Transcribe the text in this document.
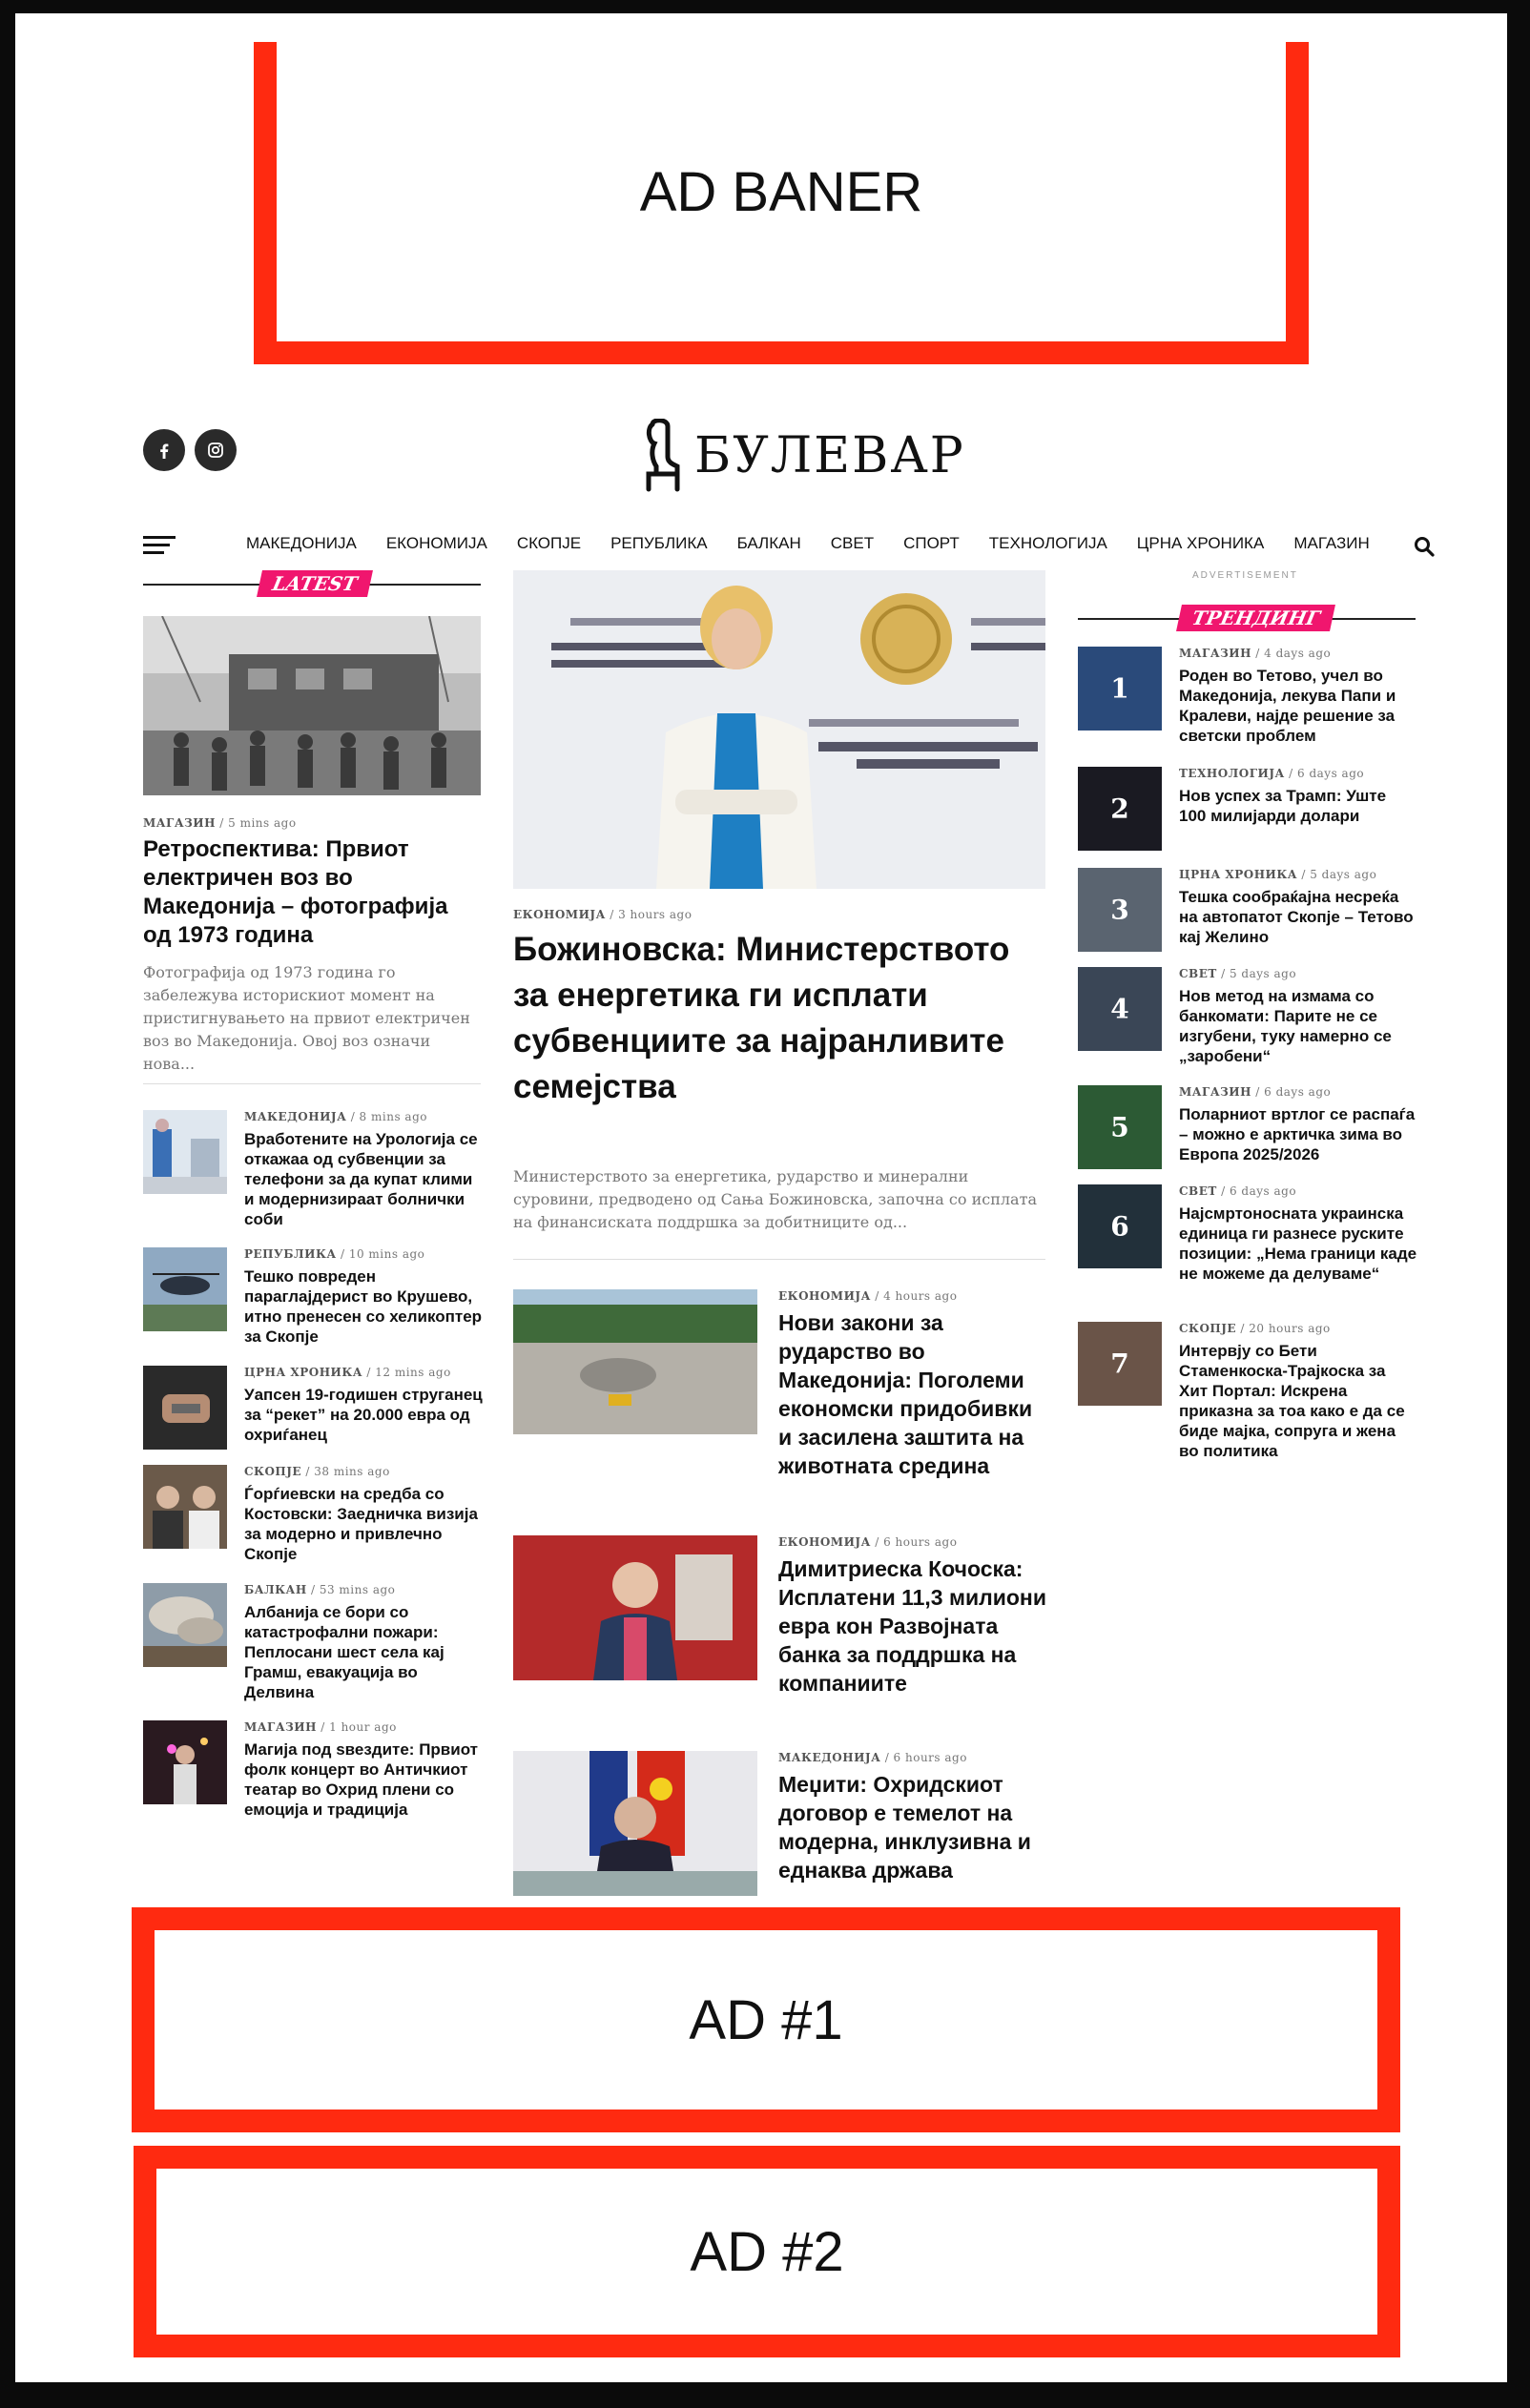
AD BANER
БУЛЕВАР
МАКЕДОНИЈА ЕКОНОМИЈА СКОПЈЕ РЕПУБЛИКА БАЛКАН СВЕТ СПОРТ ТЕХНОЛОГИЈА ЦРНА ХРОНИКА МАГАЗИН
LATEST
МАГАЗИН / 5 mins ago
Ретроспектива: Првиот електричен воз во Македонија – фотографија од 1973 година
Фотографија од 1973 година го забележува историскиот момент на пристигнувањето на првиот електричен воз во Македонија. Овој воз означи нова...
МАКЕДОНИЈА / 8 mins ago
Вработените на Урологија се откажаа од субвенции за телефони за да купат клими и модернизираат болнички соби
РЕПУБЛИКА / 10 mins ago
Тешко повреден параглајдерист во Крушево, итно пренесен со хеликоптер за Скопје
ЦРНА ХРОНИКА / 12 mins ago
Уапсен 19-годишен струганец за “рекет” на 20.000 евра од охриѓанец
СКОПЈЕ / 38 mins ago
Ѓорѓиевски на средба со Костовски: Заедничка визија за модерно и привлечно Скопје
БАЛКАН / 53 mins ago
Албанија се бори со катастрофални пожари: Пеплосани шест села кај Грамш, евакуација во Делвина
МАГАЗИН / 1 hour ago
Магија под ѕвездите: Првиот фолк концерт во Античкиот театар во Охрид плени со емоција и традиција
ЕКОНОМИЈА / 3 hours ago
Божиновска: Министерството за енергетика ги исплати субвенциите за најранливите семејства
Министерството за енергетика, рударство и минерални суровини, предводено од Сања Божиновска, започна со исплата на финансиската поддршка за добитниците од...
ЕКОНОМИЈА / 4 hours ago
Нови закони за рударство во Македонија: Поголеми економски придобивки и засилена заштита на животната средина
ЕКОНОМИЈА / 6 hours ago
Димитриеска Кочоска: Исплатени 11,3 милиони евра кон Развојната банка за поддршка на компаниите
МАКЕДОНИЈА / 6 hours ago
Меџити: Охридскиот договор е темелот на модерна, инклузивна и еднаква држава
ADVERTISEMENT
ТРЕНДИНГ
1
МАГАЗИН / 4 days ago
Роден во Тетово, учел во Македонија, лекува Папи и Кралеви, најде решение за светски проблем
2
ТЕХНОЛОГИЈА / 6 days ago
Нов успех за Трамп: Уште 100 милијарди долари
3
ЦРНА ХРОНИКА / 5 days ago
Тешка сообраќајна несреќа на автопатот Скопје – Тетово кај Желино
4
СВЕТ / 5 days ago
Нов метод на измама со банкомати: Парите не се изгубени, туку намерно се „заробени“
5
МАГАЗИН / 6 days ago
Поларниот вртлог се распаѓа – можно е арктичка зима во Европа 2025/2026
6
СВЕТ / 6 days ago
Најсмртоносната украинска единица ги разнесе руските позиции: „Нема граници каде не можеме да делуваме“
7
СКОПЈЕ / 20 hours ago
Интервју со Бети Стаменкоска-Трајкоска за Хит Портал: Искрена приказна за тоа како е да се биде мајка, сопруга и жена во политика
AD #1
AD #2
